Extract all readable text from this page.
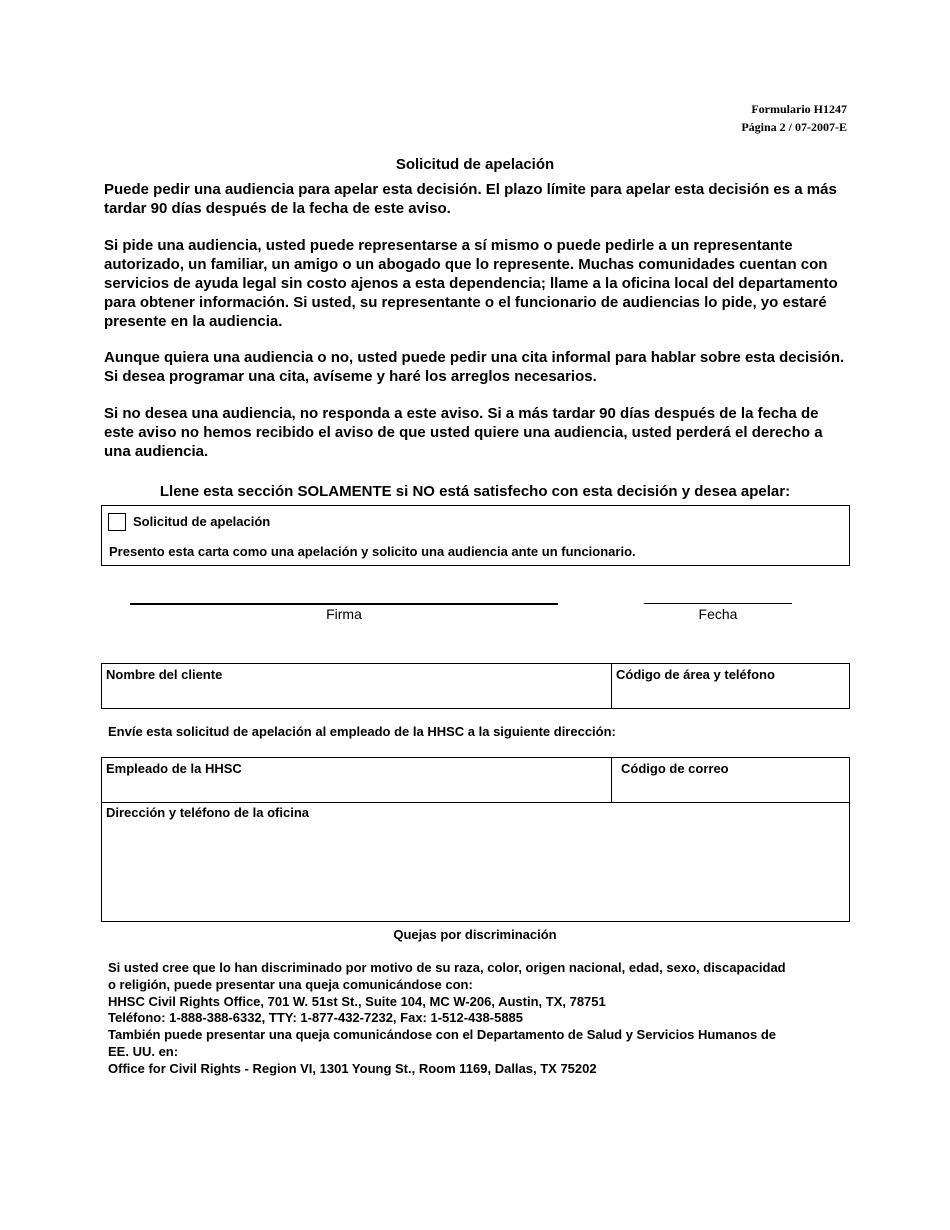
Formulario H1247
Página 2 / 07-2007-E
Solicitud de apelación

Puede pedir una audiencia para apelar esta decisión. El plazo límite para apelar esta decisión es a más tardar 90 días después de la fecha de este aviso.

Si pide una audiencia, usted puede representarse a sí mismo o puede pedirle a un representante autorizado, un familiar, un amigo o un abogado que lo represente. Muchas comunidades cuentan con servicios de ayuda legal sin costo ajenos a esta dependencia; llame a la oficina local del departamento para obtener información. Si usted, su representante o el funcionario de audiencias lo pide, yo estaré presente en la audiencia.

Aunque quiera una audiencia o no, usted puede pedir una cita informal para hablar sobre esta decisión. Si desea programar una cita, avíseme y haré los arreglos necesarios.

Si no desea una audiencia, no responda a este aviso. Si a más tardar 90 días después de la fecha de este aviso no hemos recibido el aviso de que usted quiere una audiencia, usted perderá el derecho a una audiencia.

Llene esta sección SOLAMENTE si NO está satisfecho con esta decisión y desea apelar:
Solicitud de apelación
Presento esta carta como una apelación y solicito una audiencia ante un funcionario.
Firma	Fecha
Nombre del cliente	Código de área y teléfono
Envíe esta solicitud de apelación al empleado de la HHSC a la siguiente dirección:
Empleado de la HHSC	Código de correo
Dirección y teléfono de la oficina
Quejas por discriminación
Si usted cree que lo han discriminado por motivo de su raza, color, origen nacional, edad, sexo, discapacidad
o religión, puede presentar una queja comunicándose con:
HHSC Civil Rights Office, 701 W. 51st St., Suite 104, MC W-206, Austin, TX, 78751
Teléfono: 1-888-388-6332, TTY: 1-877-432-7232, Fax: 1-512-438-5885
También puede presentar una queja comunicándose con el Departamento de Salud y Servicios Humanos de
EE. UU. en:
Office for Civil Rights - Region VI, 1301 Young St., Room 1169, Dallas, TX 75202
